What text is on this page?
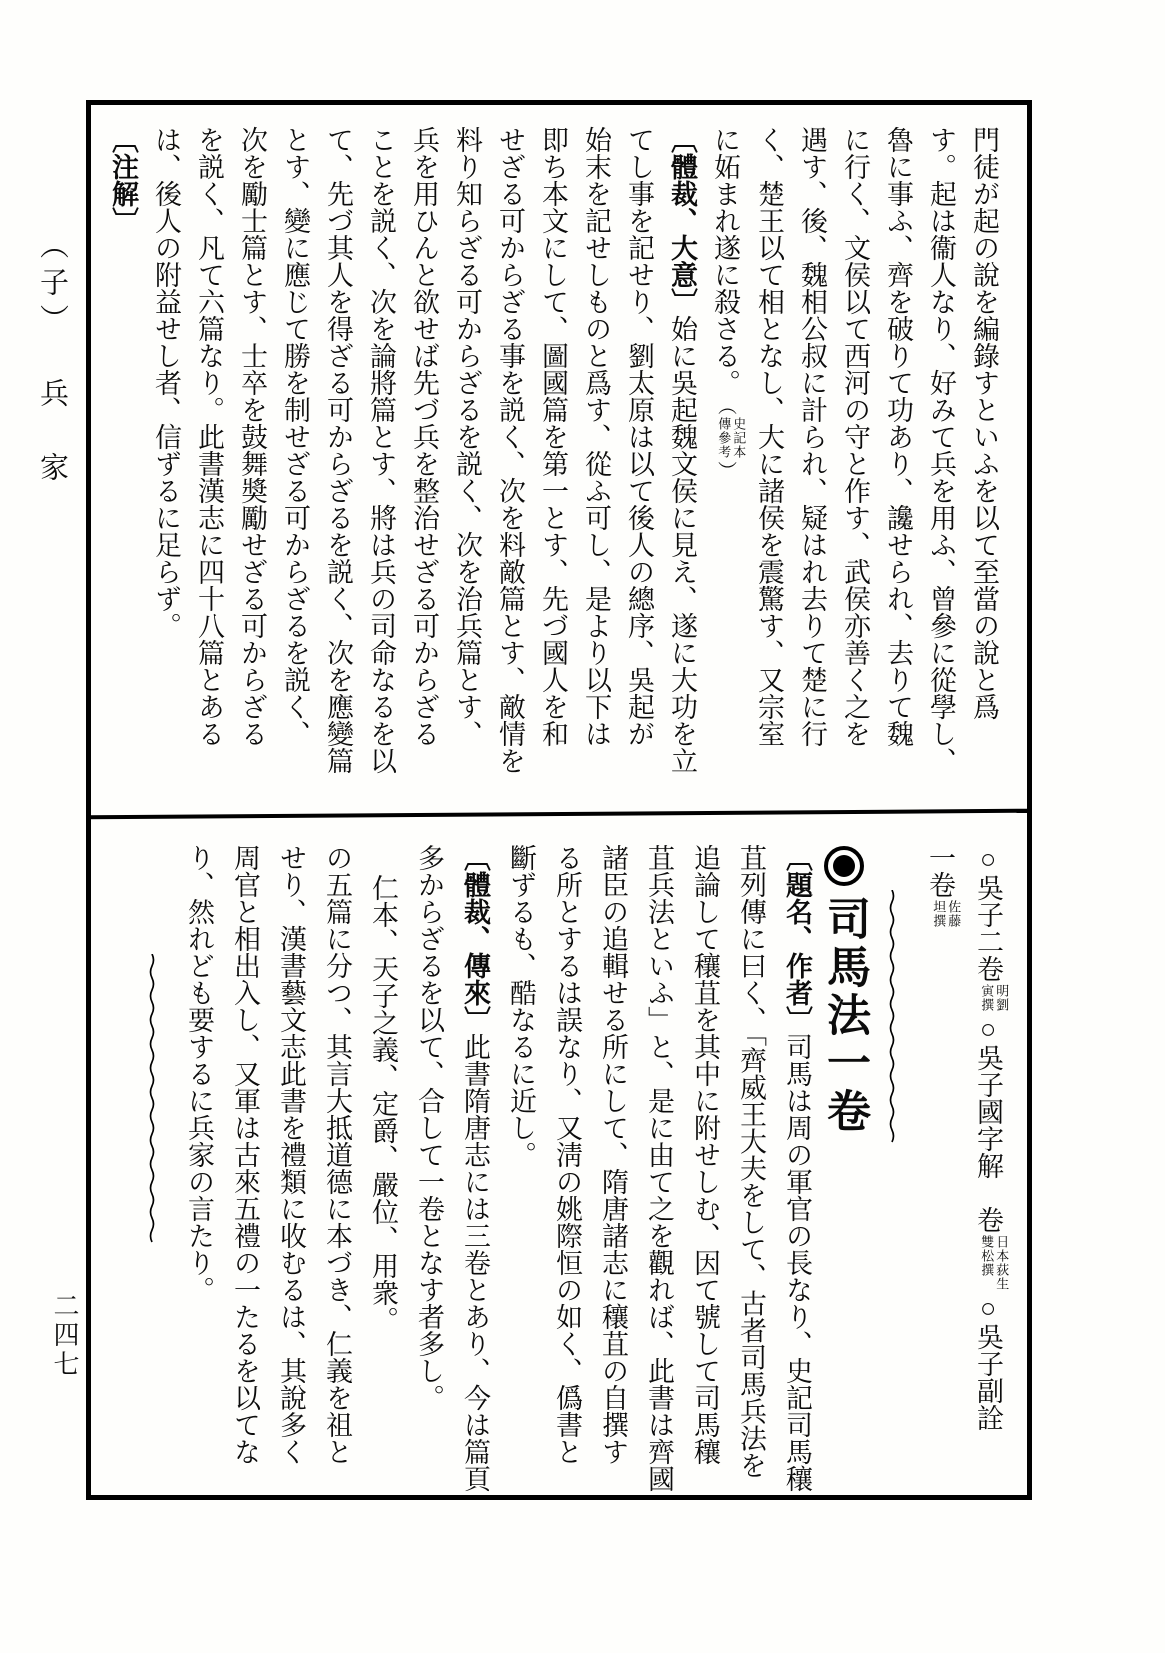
︵子︶　兵　家
二四七
門徒が起の說を編錄すといふを以て至當の說と爲
す。起は衞人なり、好みて兵を用ふ、曾參に從學し、
魯に事ふ、齊を破りて功あり、讒せられ、去りて魏
に行く、文侯以て西河の守と作す、武侯亦善く之を
遇す、後、魏相公叔に計られ、疑はれ去りて楚に行
く、楚王以て相となし、大に諸侯を震驚す、又宗室
に妬まれ遂に殺さる。︵
史記本
傳參考
︶
〔體裁、大意〕始に吳起魏文侯に見え、遂に大功を立
てし事を記せり、劉太原は以て後人の總序、吳起が
始末を記せしものと爲す、從ふ可し、是より以下は
即ち本文にして、圖國篇を第一とす、先づ國人を和
せざる可からざる事を説く、次を料敵篇とす、敵情を
料り知らざる可からざるを説く、次を治兵篇とす、
兵を用ひんと欲せば先づ兵を整治せざる可からざる
ことを説く、次を論將篇とす、將は兵の司命なるを以
て、先づ其人を得ざる可からざるを説く、次を應變篇
とす、變に應じて勝を制せざる可からざるを説く、
次を勵士篇とす、士卒を鼓舞奬勵せざる可からざる
を説く、凡て六篇なり。此書漢志に四十八篇とある
は、後人の附益せし者、信ずるに足らず。
〔注解〕
○吳子二卷
明劉
寅撰
○吳子國字解　卷
日本荻生
雙松撰
○吳子副詮
一卷
佐藤
坦撰
司馬法一卷
〔題名、作者〕司馬は周の軍官の長なり、史記司馬穰
苴列傳に曰く、「齊威王大夫をして、古者司馬兵法を
追論して穰苴を其中に附せしむ、因て號して司馬穰
苴兵法といふ」と、是に由て之を觀れば、此書は齊國
諸臣の追輯せる所にして、隋唐諸志に穰苴の自撰す
る所とするは誤なり、又淸の姚際恒の如く、僞書と
斷ずるも、酷なるに近し。
〔體裁、傳來〕此書隋唐志には三卷とあり、今は篇頁
多からざるを以て、合して一卷となす者多し。
仁本、天子之義、定爵、嚴位、用衆。
の五篇に分つ、其言大抵道德に本づき、仁義を祖と
せり、漢書藝文志此書を禮類に收むるは、其說多く
周官と相出入し、又軍は古來五禮の一たるを以てな
り、然れども要するに兵家の言たり。
